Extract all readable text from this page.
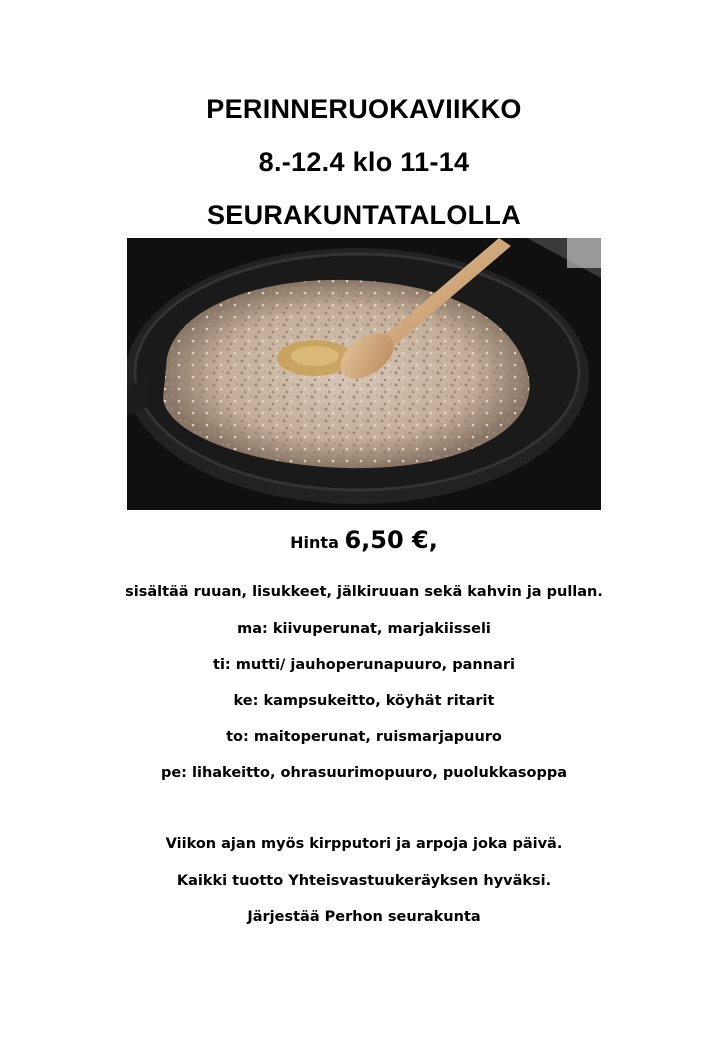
PERINNERUOKAVIIKKO
8.-12.4 klo 11-14
SEURAKUNTATALOLLA
Hinta 6,50 €,
sisältää ruuan, lisukkeet, jälkiruuan sekä kahvin ja pullan.
ma: kiivuperunat, marjakiisseli
ti: mutti/ jauhoperunapuuro, pannari
ke: kampsukeitto, köyhät ritarit
to: maitoperunat, ruismarjapuuro
pe: lihakeitto, ohrasuurimopuuro, puolukkasoppa
Viikon ajan myös kirpputori ja arpoja joka päivä.
Kaikki tuotto Yhteisvastuukeräyksen hyväksi.
Järjestää Perhon seurakunta
